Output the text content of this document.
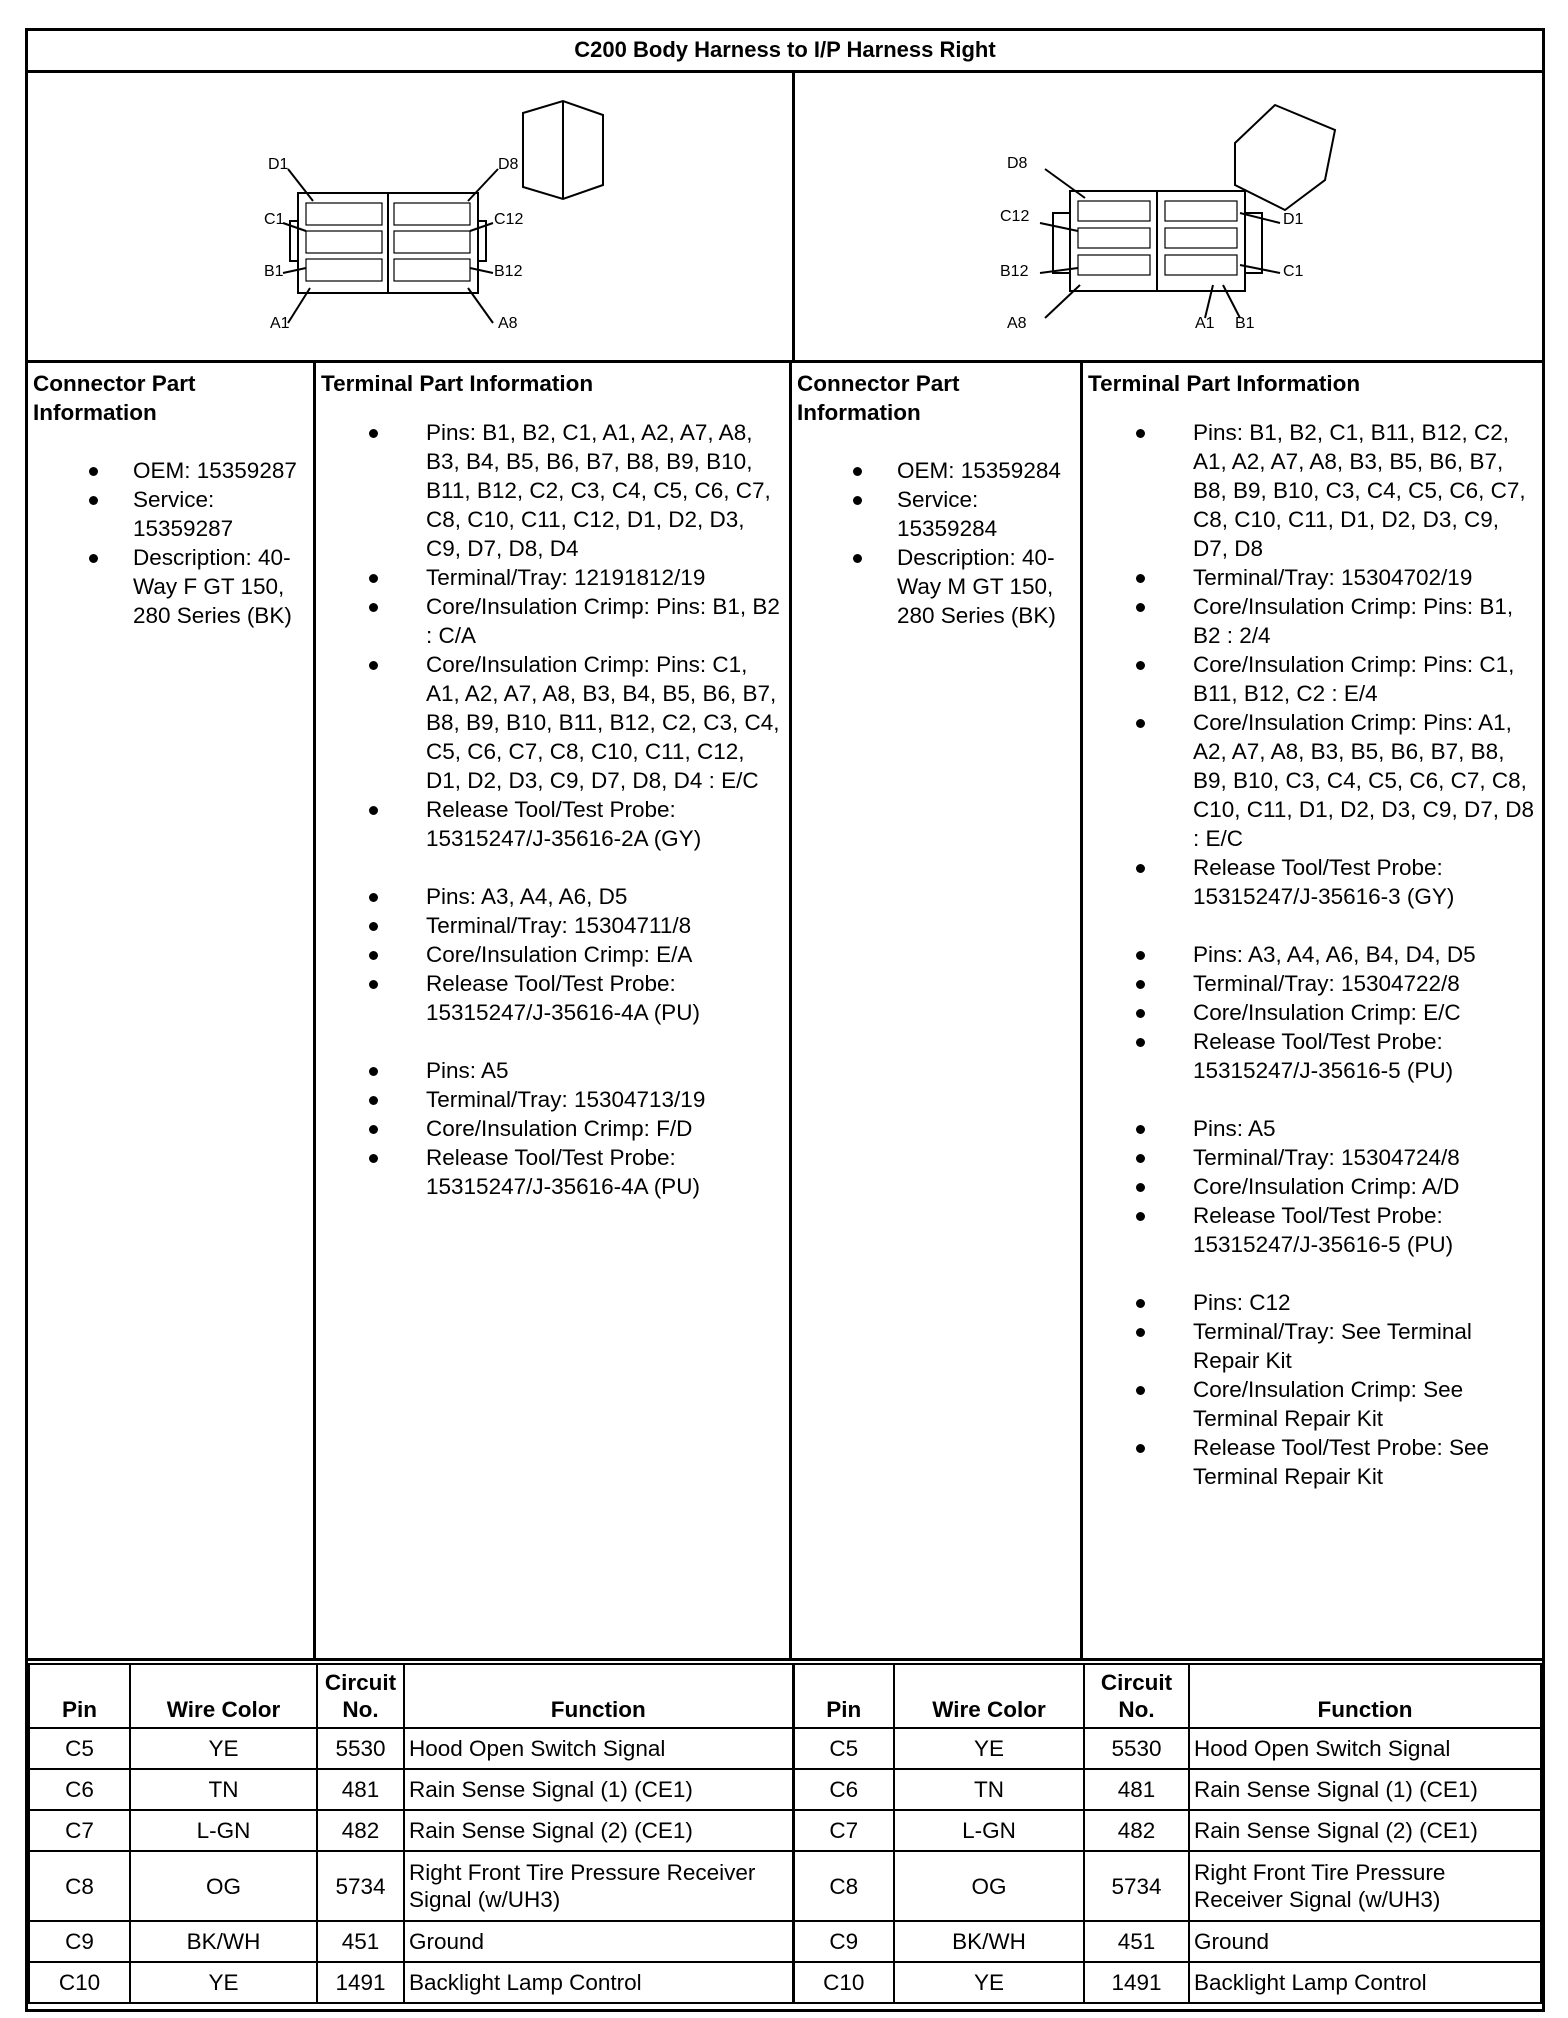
C200 Body Harness to I/P Harness Right
D1	D8
C1	C12
B1	B12
A1	A8
D8
C12	D1
B12	C1
A8	A1 B1
Connector Part Information
OEM: 15359287
Service: 15359287
Description: 40-Way F GT 150, 280 Series (BK)
Terminal Part Information
Pins: B1, B2, C1, A1, A2, A7, A8, B3, B4, B5, B6, B7, B8, B9, B10, B11, B12, C2, C3, C4, C5, C6, C7, C8, C10, C11, C12, D1, D2, D3, C9, D7, D8, D4
Terminal/Tray: 12191812/19
Core/Insulation Crimp: Pins: B1, B2 : C/A
Core/Insulation Crimp: Pins: C1, A1, A2, A7, A8, B3, B4, B5, B6, B7, B8, B9, B10, B11, B12, C2, C3, C4, C5, C6, C7, C8, C10, C11, C12, D1, D2, D3, C9, D7, D8, D4 : E/C
Release Tool/Test Probe: 15315247/J-35616-2A (GY)
Pins: A3, A4, A6, D5
Terminal/Tray: 15304711/8
Core/Insulation Crimp: E/A
Release Tool/Test Probe: 15315247/J-35616-4A (PU)
Pins: A5
Terminal/Tray: 15304713/19
Core/Insulation Crimp: F/D
Release Tool/Test Probe: 15315247/J-35616-4A (PU)
Connector Part Information
OEM: 15359284
Service: 15359284
Description: 40-Way M GT 150, 280 Series (BK)
Terminal Part Information
Pins: B1, B2, C1, B11, B12, C2, A1, A2, A7, A8, B3, B5, B6, B7, B8, B9, B10, C3, C4, C5, C6, C7, C8, C10, C11, D1, D2, D3, C9, D7, D8
Terminal/Tray: 15304702/19
Core/Insulation Crimp: Pins: B1, B2 : 2/4
Core/Insulation Crimp: Pins: C1, B11, B12, C2 : E/4
Core/Insulation Crimp: Pins: A1, A2, A7, A8, B3, B5, B6, B7, B8, B9, B10, C3, C4, C5, C6, C7, C8, C10, C11, D1, D2, D3, C9, D7, D8 : E/C
Release Tool/Test Probe: 15315247/J-35616-3 (GY)
Pins: A3, A4, A6, B4, D4, D5
Terminal/Tray: 15304722/8
Core/Insulation Crimp: E/C
Release Tool/Test Probe: 15315247/J-35616-5 (PU)
Pins: A5
Terminal/Tray: 15304724/8
Core/Insulation Crimp: A/D
Release Tool/Test Probe: 15315247/J-35616-5 (PU)
Pins: C12
Terminal/Tray: See Terminal Repair Kit
Core/Insulation Crimp: See Terminal Repair Kit
Release Tool/Test Probe: See Terminal Repair Kit
Pin	Wire Color	Circuit No.	Function	Pin	Wire Color	Circuit No.	Function
C5	YE	5530	Hood Open Switch Signal	C5	YE	5530	Hood Open Switch Signal
C6	TN	481	Rain Sense Signal (1) (CE1)	C6	TN	481	Rain Sense Signal (1) (CE1)
C7	L-GN	482	Rain Sense Signal (2) (CE1)	C7	L-GN	482	Rain Sense Signal (2) (CE1)
C8	OG	5734	Right Front Tire Pressure Receiver Signal (w/UH3)	C8	OG	5734	Right Front Tire Pressure Receiver Signal (w/UH3)
C9	BK/WH	451	Ground	C9	BK/WH	451	Ground
C10	YE	1491	Backlight Lamp Control	C10	YE	1491	Backlight Lamp Control
